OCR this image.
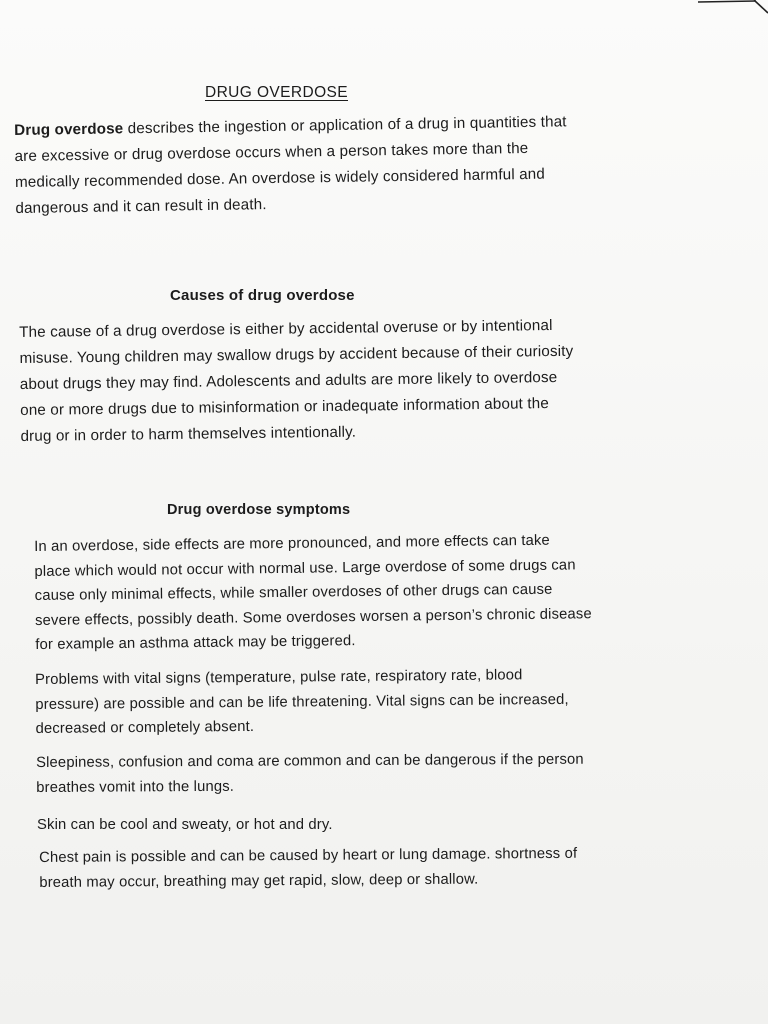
DRUG OVERDOSE

Drug overdose describes the ingestion or application of a drug in quantities that
are excessive or drug overdose occurs when a person takes more than the
medically recommended dose. An overdose is widely considered harmful and
dangerous and it can result in death.

Causes of drug overdose

The cause of a drug overdose is either by accidental overuse or by intentional
misuse. Young children may swallow drugs by accident because of their curiosity
about drugs they may find. Adolescents and adults are more likely to overdose
one or more drugs due to misinformation or inadequate information about the
drug or in order to harm themselves intentionally.

Drug overdose symptoms

In an overdose, side effects are more pronounced, and more effects can take
place which would not occur with normal use. Large overdose of some drugs can
cause only minimal effects, while smaller overdoses of other drugs can cause
severe effects, possibly death. Some overdoses worsen a person’s chronic disease
for example an asthma attack may be triggered.

Problems with vital signs (temperature, pulse rate, respiratory rate, blood
pressure) are possible and can be life threatening. Vital signs can be increased,
decreased or completely absent.

Sleepiness, confusion and coma are common and can be dangerous if the person
breathes vomit into the lungs.

Skin can be cool and sweaty, or hot and dry.

Chest pain is possible and can be caused by heart or lung damage. shortness of
breath may occur, breathing may get rapid, slow, deep or shallow.
